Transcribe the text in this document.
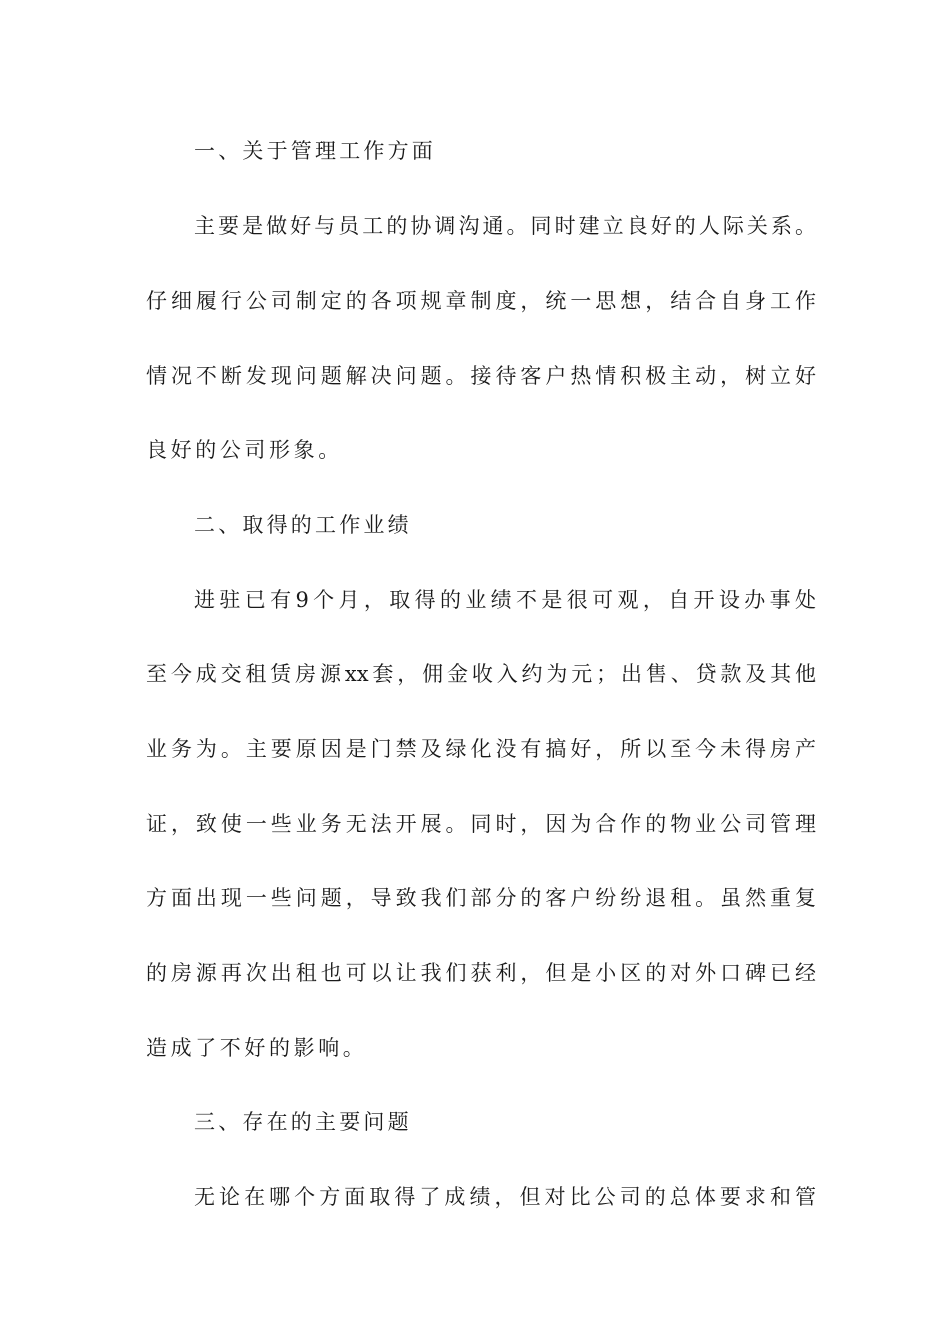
一、关于管理工作方面
主要是做好与员工的协调沟通。同时建立良好的人际关系。
仔细履行公司制定的各项规章制度，统一思想，结合自身工作
情况不断发现问题解决问题。接待客户热情积极主动，树立好
良好的公司形象。
二、取得的工作业绩
进驻已有9个月，取得的业绩不是很可观，自开设办事处
至今成交租赁房源xx套，佣金收入约为元；出售、贷款及其他
业务为。主要原因是门禁及绿化没有搞好，所以至今未得房产
证，致使一些业务无法开展。同时，因为合作的物业公司管理
方面出现一些问题，导致我们部分的客户纷纷退租。虽然重复
的房源再次出租也可以让我们获利，但是小区的对外口碑已经
造成了不好的影响。
三、存在的主要问题
无论在哪个方面取得了成绩，但对比公司的总体要求和管
